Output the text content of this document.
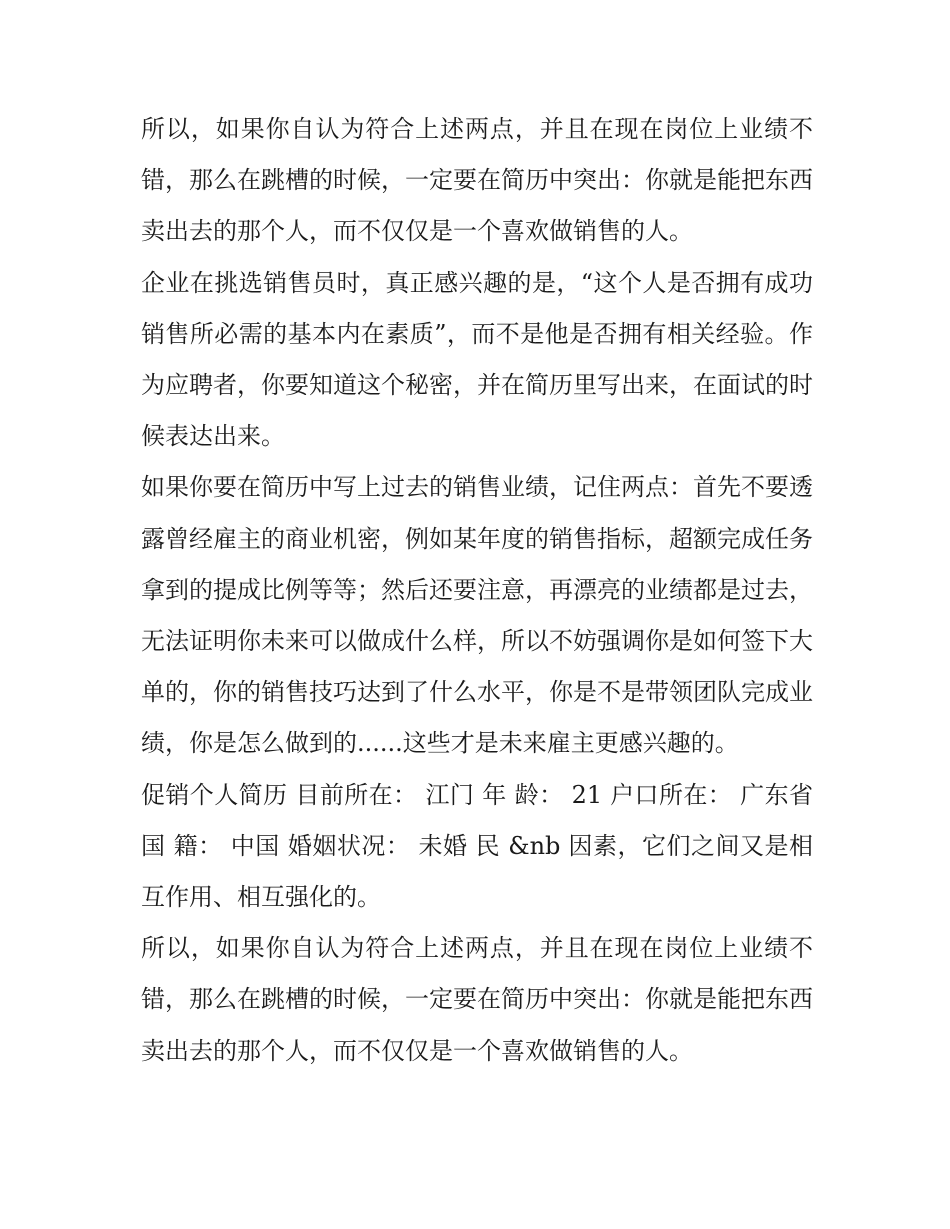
所以，如果你自认为符合上述两点，并且在现在岗位上业绩不错，那么在跳槽的时候，一定要在简历中突出：你就是能把东西卖出去的那个人，而不仅仅是一个喜欢做销售的人。

企业在挑选销售员时，真正感兴趣的是，“这个人是否拥有成功销售所必需的基本内在素质”，而不是他是否拥有相关经验。作为应聘者，你要知道这个秘密，并在简历里写出来，在面试的时候表达出来。

如果你要在简历中写上过去的销售业绩，记住两点：首先不要透露曾经雇主的商业机密，例如某年度的销售指标，超额完成任务拿到的提成比例等等；然后还要注意，再漂亮的业绩都是过去，无法证明你未来可以做成什么样，所以不妨强调你是如何签下大单的，你的销售技巧达到了什么水平，你是不是带领团队完成业绩，你是怎么做到的......这些才是未来雇主更感兴趣的。

促销个人简历 目前所在： 江门 年 龄： 21 户口所在： 广东省 国 籍： 中国 婚姻状况： 未婚 民 &nb 因素，它们之间又是相互作用、相互强化的。

所以，如果你自认为符合上述两点，并且在现在岗位上业绩不错，那么在跳槽的时候，一定要在简历中突出：你就是能把东西卖出去的那个人，而不仅仅是一个喜欢做销售的人。
